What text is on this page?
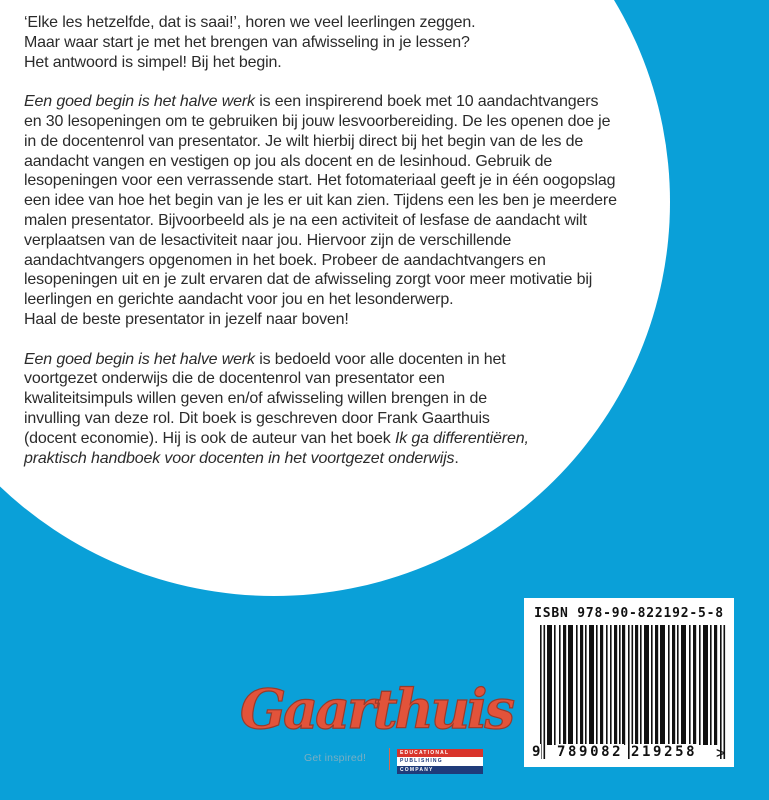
‘Elke les hetzelfde, dat is saai!’, horen we veel leerlingen zeggen.
Maar waar start je met het brengen van afwisseling in je lessen?
Het antwoord is simpel! Bij het begin.

Een goed begin is het halve werk is een inspirerend boek met 10 aandachtvangers
en 30 lesopeningen om te gebruiken bij jouw lesvoorbereiding. De les openen doe je
in de docentenrol van presentator. Je wilt hierbij direct bij het begin van de les de
aandacht vangen en vestigen op jou als docent en de lesinhoud. Gebruik de
lesopeningen voor een verrassende start. Het fotomateriaal geeft je in één oogopslag
een idee van hoe het begin van je les er uit kan zien. Tijdens een les ben je meerdere
malen presentator. Bijvoorbeeld als je na een activiteit of lesfase de aandacht wilt
verplaatsen van de lesactiviteit naar jou. Hiervoor zijn de verschillende
aandachtvangers opgenomen in het boek. Probeer de aandachtvangers en
lesopeningen uit en je zult ervaren dat de afwisseling zorgt voor meer motivatie bij
leerlingen en gerichte aandacht voor jou en het lesonderwerp.
Haal de beste presentator in jezelf naar boven!

Een goed begin is het halve werk is bedoeld voor alle docenten in het
voortgezet onderwijs die de docentenrol van presentator een
kwaliteitsimpuls willen geven en/of afwisseling willen brengen in de
invulling van deze rol. Dit boek is geschreven door Frank Gaarthuis
(docent economie). Hij is ook de auteur van het boek Ik ga differentiëren,
praktisch handboek voor docenten in het voortgezet onderwijs.

Gaarthuis
Get inspired!	EDUCATIONAL
PUBLISHING
COMPANY
ISBN 978-90-822192-5-8
9 789082 219258 >
